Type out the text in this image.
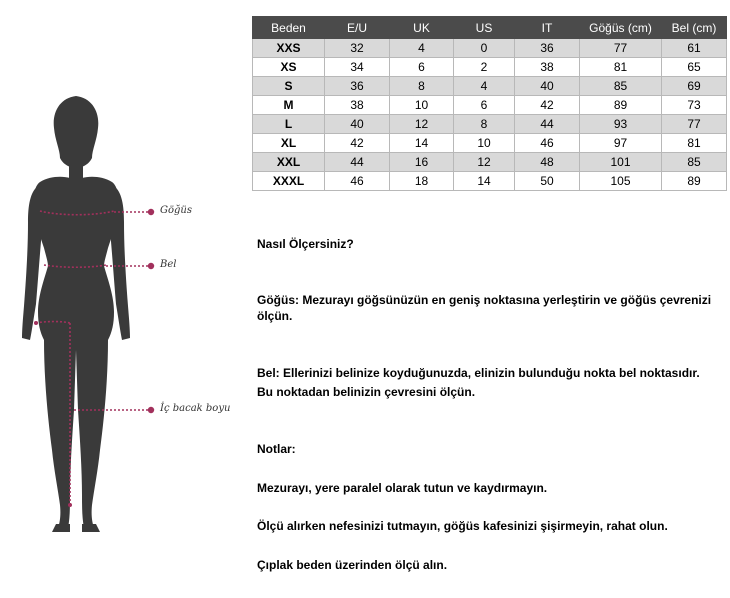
Göğüs
Bel
İç bacak boyu
Beden	E/U	UK	US	IT	Göğüs (cm)	Bel (cm)
XXS	32	4	0	36	77	61
XS	34	6	2	38	81	65
S	36	8	4	40	85	69
M	38	10	6	42	89	73
L	40	12	8	44	93	77
XL	42	14	10	46	97	81
XXL	44	16	12	48	101	85
XXXL	46	18	14	50	105	89
Nasıl Ölçersiniz?
Göğüs: Mezurayı göğsünüzün en geniş noktasına yerleştirin ve göğüs çevrenizi
ölçün.
Bel: Ellerinizi belinize koyduğunuzda, elinizin bulunduğu nokta bel noktasıdır.
Bu noktadan belinizin çevresini ölçün.
Notlar:
Mezurayı, yere paralel olarak tutun ve kaydırmayın.
Ölçü alırken nefesinizi tutmayın, göğüs kafesinizi şişirmeyin, rahat olun.
Çıplak beden üzerinden ölçü alın.
